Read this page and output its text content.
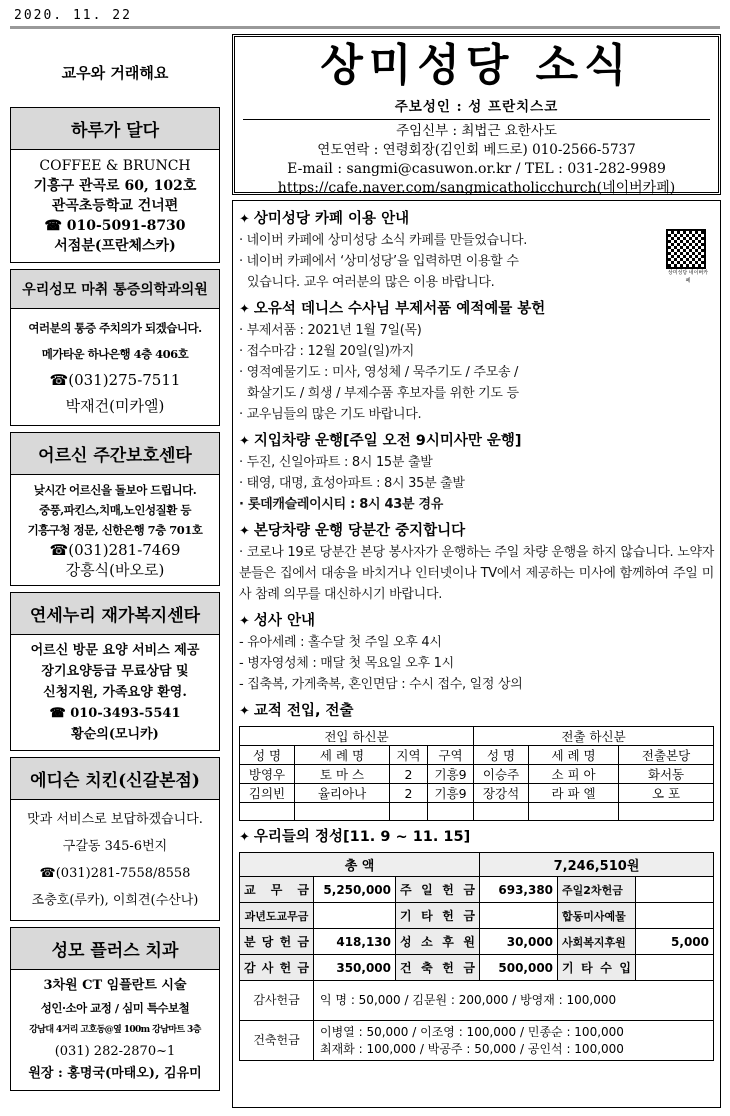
2020. 11. 22
교우와 거래해요
하루가 달다
COFFEE & BRUNCH
기흥구 관곡로 60, 102호
관곡초등학교 건너편
☎ 010-5091-8730
서점분(프란체스카)
우리성모 마취 통증의학과의원
여러분의 통증 주치의가 되겠습니다.
메가타운 하나은행 4층 406호
☎(031)275-7511
박재건(미카엘)
어르신 주간보호센타
낮시간 어르신을 돌보아 드립니다.
중풍,파킨스,치매,노인성질환 등
기흥구청 정문, 신한은행 7층 701호
☎(031)281-7469
강흥식(바오로)
연세누리 재가복지센타
어르신 방문 요양 서비스 제공
장기요양등급 무료상담 및
신청지원, 가족요양 환영.
☎ 010-3493-5541
황순의(모니카)
에디슨 치킨(신갈본점)
맛과 서비스로 보답하겠습니다.
구갈동 345-6번지
☎(031)281-7558/8558
조충호(루카), 이희견(수산나)
성모 플러스 치과
3차원 CT 임플란트 시술
성인·소아 교정 / 심미 특수보철
강남대 4거리 고호동@옆 100m 강남마트 3층
(031) 282-2870~1
원장 : 홍명국(마태오), 김유미
상미성당 소식
주보성인 : 성 프란치스코
주임신부 : 최법근 요한사도
연도연락 : 연령회장(김인회 베드로) 010-2566-5737
E-mail : sangmi@casuwon.or.kr / TEL : 031-282-9989
https://cafe.naver.com/sangmicatholicchurch(네이버카페)
✦ 상미성당 카페 이용 안내
· 네이버 카페에 상미성당 소식 카페를 만들었습니다.
· 네이버 카페에서 ‘상미성당’을 입력하면 이용할 수
있습니다. 교우 여러분의 많은 이용 바랍니다.
상미성당 네이버카페
✦ 오유석 데니스 수사님 부제서품 예적예물 봉헌
· 부제서품 : 2021년 1월 7일(목)
· 접수마감 : 12월 20일(일)까지
· 영적예물기도 : 미사, 영성체 / 묵주기도 / 주모송 /
화살기도 / 희생 / 부제수품 후보자를 위한 기도 등
· 교우님들의 많은 기도 바랍니다.
✦ 지입차량 운행[주일 오전 9시미사만 운행]
· 두진, 신일아파트 : 8시 15분 출발
· 태영, 대명, 효성아파트 : 8시 35분 출발
· 롯데캐슬레이시티 : 8시 43분 경유
✦ 본당차량 운행 당분간 중지합니다
· 코로나 19로 당분간 본당 봉사자가 운행하는 주일 차량 운행을 하지 않습니다. 노약자 분들은 집에서 대송을 바치거나 인터넷이나 TV에서 제공하는 미사에 함께하여 주일 미사 참례 의무를 대신하시기 바랍니다.
✦ 성사 안내
- 유아세례 : 홀수달 첫 주일 오후 4시
- 병자영성체 : 매달 첫 목요일 오후 1시
- 집축복, 가게축복, 혼인면담 : 수시 접수, 일정 상의
✦ 교적 전입, 전출
전입 하신분				전출 하신분		
성 명	세 례 명	지역	구역	성 명	세 례 명	전출본당
방영우	토 마 스	2	기흥9	이승주	소 피 아	화서동
김의빈	율리아나	2	기흥9	장강석	라 파 엘	오 포

✦ 우리들의 정성[11. 9 ~ 11. 15]
총 액			7,246,510원		
교 무 금	5,250,000	주 일 헌 금	693,380	주일2차헌금	
과년도교무금		기 타 헌 금		합동미사예물	
분 당 헌 금	418,130	성 소 후 원	30,000	사회복지후원	5,000
감 사 헌 금	350,000	건 축 헌 금	500,000	기 타 수 입	
감사헌금	익 명 : 50,000 / 김문원 : 200,000 / 방영재 : 100,000				
건축헌금	이병열 : 50,000 / 이조영 : 100,000 / 민종순 : 100,000
최재화 : 100,000 / 박공주 : 50,000 / 공인석 : 100,000				
